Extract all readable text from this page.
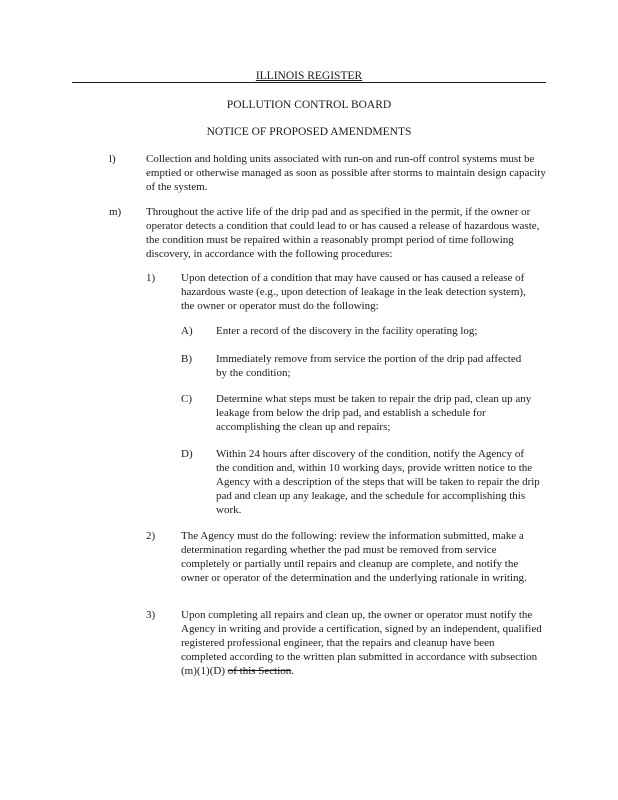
ILLINOIS REGISTER
POLLUTION CONTROL BOARD
NOTICE OF PROPOSED AMENDMENTS
l)	Collection and holding units associated with run-on and run-off control systems must be emptied or otherwise managed as soon as possible after storms to maintain design capacity of the system.
m)	Throughout the active life of the drip pad and as specified in the permit, if the owner or operator detects a condition that could lead to or has caused a release of hazardous waste, the condition must be repaired within a reasonably prompt period of time following discovery, in accordance with the following procedures:
1)	Upon detection of a condition that may have caused or has caused a release of hazardous waste (e.g., upon detection of leakage in the leak detection system), the owner or operator must do the following:
A)	Enter a record of the discovery in the facility operating log;
B)	Immediately remove from service the portion of the drip pad affected by the condition;
C)	Determine what steps must be taken to repair the drip pad, clean up any leakage from below the drip pad, and establish a schedule for accomplishing the clean up and repairs;
D)	Within 24 hours after discovery of the condition, notify the Agency of the condition and, within 10 working days, provide written notice to the Agency with a description of the steps that will be taken to repair the drip pad and clean up any leakage, and the schedule for accomplishing this work.
2)	The Agency must do the following: review the information submitted, make a determination regarding whether the pad must be removed from service completely or partially until repairs and cleanup are complete, and notify the owner or operator of the determination and the underlying rationale in writing.
3)	Upon completing all repairs and clean up, the owner or operator must notify the Agency in writing and provide a certification, signed by an independent, qualified registered professional engineer, that the repairs and cleanup have been completed according to the written plan submitted in accordance with subsection (m)(1)(D) of this Section.
